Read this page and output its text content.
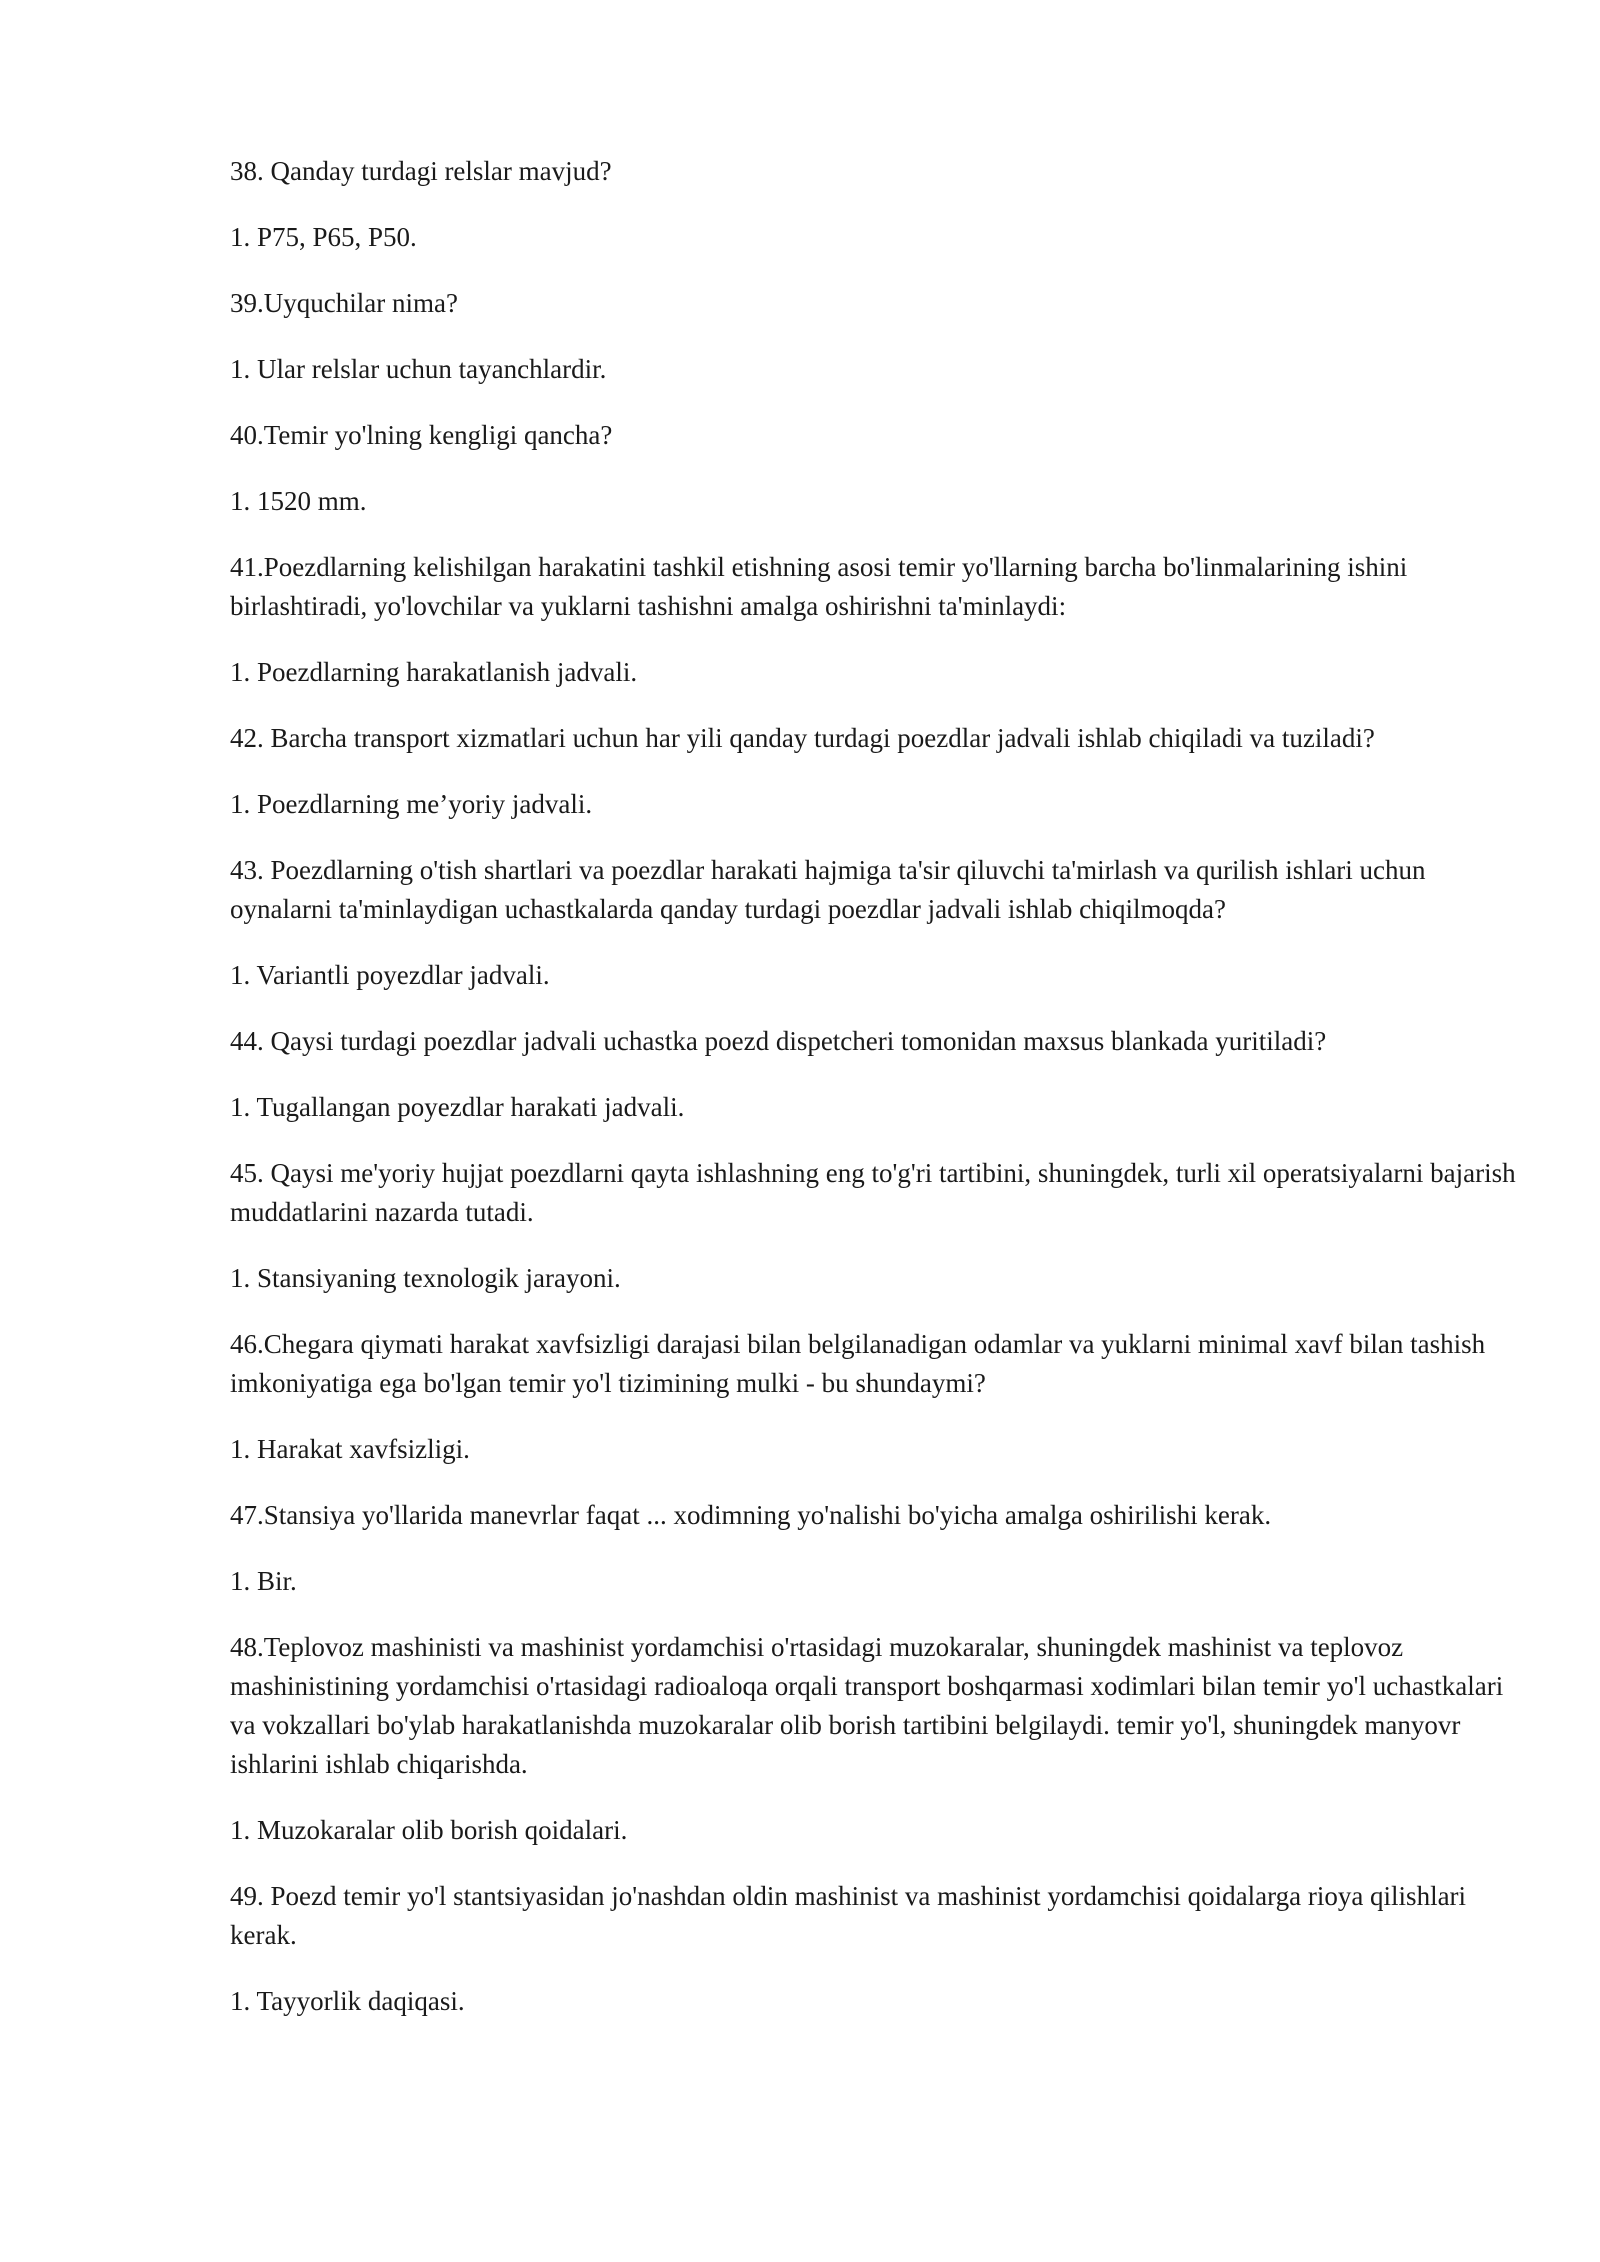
38. Qanday turdagi relslar mavjud?

1. P75, P65, P50.

39.Uyquchilar nima?

1. Ular relslar uchun tayanchlardir.

40.Temir yo'lning kengligi qancha?

1. 1520 mm.

41.Poezdlarning kelishilgan harakatini tashkil etishning asosi temir yo'llarning barcha bo'linmalarining ishini birlashtiradi, yo'lovchilar va yuklarni tashishni amalga oshirishni ta'minlaydi:

1. Poezdlarning harakatlanish jadvali.

42. Barcha transport xizmatlari uchun har yili qanday turdagi poezdlar jadvali ishlab chiqiladi va tuziladi?

1. Poezdlarning me’yoriy jadvali.

43. Poezdlarning o'tish shartlari va poezdlar harakati hajmiga ta'sir qiluvchi ta'mirlash va qurilish ishlari uchun oynalarni ta'minlaydigan uchastkalarda qanday turdagi poezdlar jadvali ishlab chiqilmoqda?

1. Variantli poyezdlar jadvali.

44. Qaysi turdagi poezdlar jadvali uchastka poezd dispetcheri tomonidan maxsus blankada yuritiladi?

1. Tugallangan poyezdlar harakati jadvali.

45. Qaysi me'yoriy hujjat poezdlarni qayta ishlashning eng to'g'ri tartibini, shuningdek, turli xil operatsiyalarni bajarish muddatlarini nazarda tutadi.

1. Stansiyaning texnologik jarayoni.

46.Chegara qiymati harakat xavfsizligi darajasi bilan belgilanadigan odamlar va yuklarni minimal xavf bilan tashish imkoniyatiga ega bo'lgan temir yo'l tizimining mulki - bu shundaymi?

1. Harakat xavfsizligi.

47.Stansiya yo'llarida manevrlar faqat ... xodimning yo'nalishi bo'yicha amalga oshirilishi kerak.

1. Bir.

48.Teplovoz mashinisti va mashinist yordamchisi o'rtasidagi muzokaralar, shuningdek mashinist va teplovoz mashinistining yordamchisi o'rtasidagi radioaloqa orqali transport boshqarmasi xodimlari bilan temir yo'l uchastkalari va vokzallari bo'ylab harakatlanishda muzokaralar olib borish tartibini belgilaydi. temir yo'l, shuningdek manyovr ishlarini ishlab chiqarishda.

1. Muzokaralar olib borish qoidalari.

49. Poezd temir yo'l stantsiyasidan jo'nashdan oldin mashinist va mashinist yordamchisi qoidalarga rioya qilishlari kerak.

1. Tayyorlik daqiqasi.
